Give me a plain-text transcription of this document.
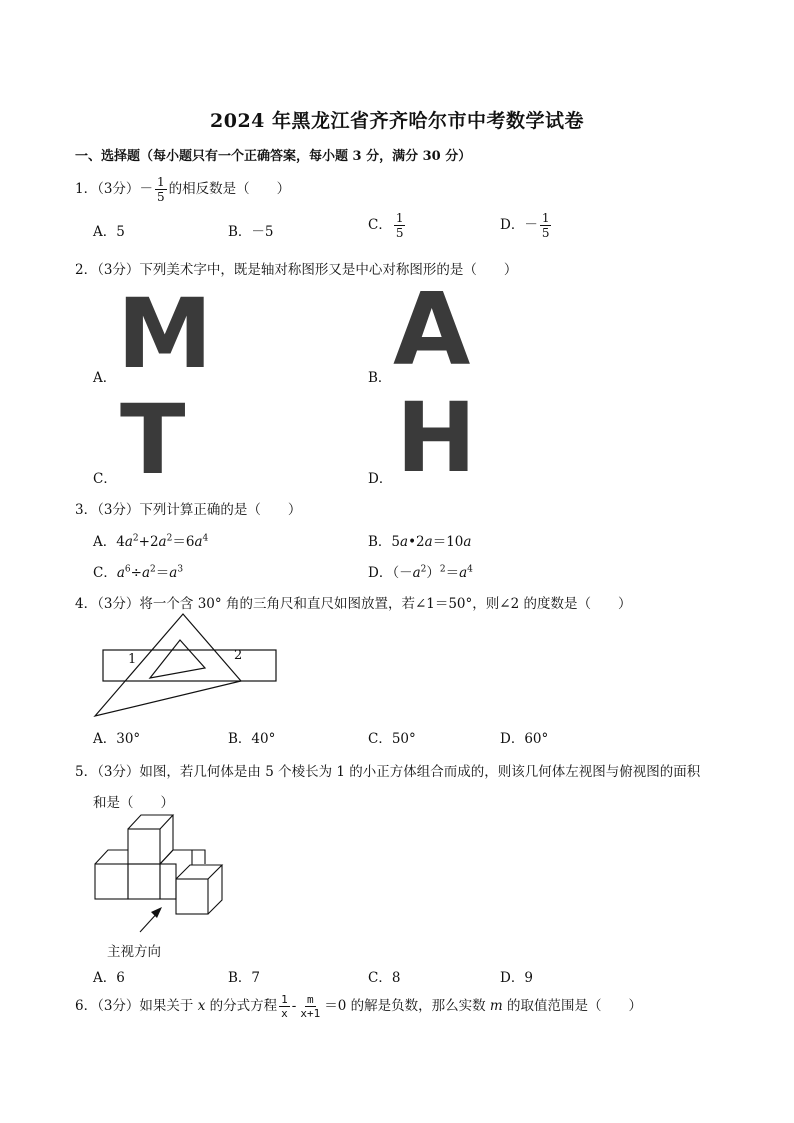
2024 年黑龙江省齐齐哈尔市中考数学试卷
一、选择题（每小题只有一个正确答案，每小题 3 分，满分 30 分）
1．（3分）－ $\frac{1}{5}$ 的相反数是（　　）
A．5	B．－5	C． $\frac{1}{5}$	D．－ $\frac{1}{5}$
2．（3分）下列美术字中，既是轴对称图形又是中心对称图形的是（　　）
A． M	B． A
C． T	D． H
3．（3分）下列计算正确的是（　　）
A．$4a^2+2a^2=6a^4$	B．5a•2a＝10a
C．$a^6\div a^2=a^3$	D．$(-a^2)^2=a^4$
4．（3分）将一个含 30° 角的三角尺和直尺如图放置，若∠1＝50°，则∠2 的度数是（　　）
1	2
A．30°	B．40°	C．50°	D．60°
5．（3分）如图，若几何体是由 5 个棱长为 1 的小正方体组合而成的，则该几何体左视图与俯视图的面积
和是（　　）
主视方向
A．6	B．7	C．8	D．9
6．（3分）如果关于 x 的分式方程 $\frac{1}{x} - \frac{m}{x+1} =0$ 的解是负数，那么实数 m 的取值范围是（　　）
